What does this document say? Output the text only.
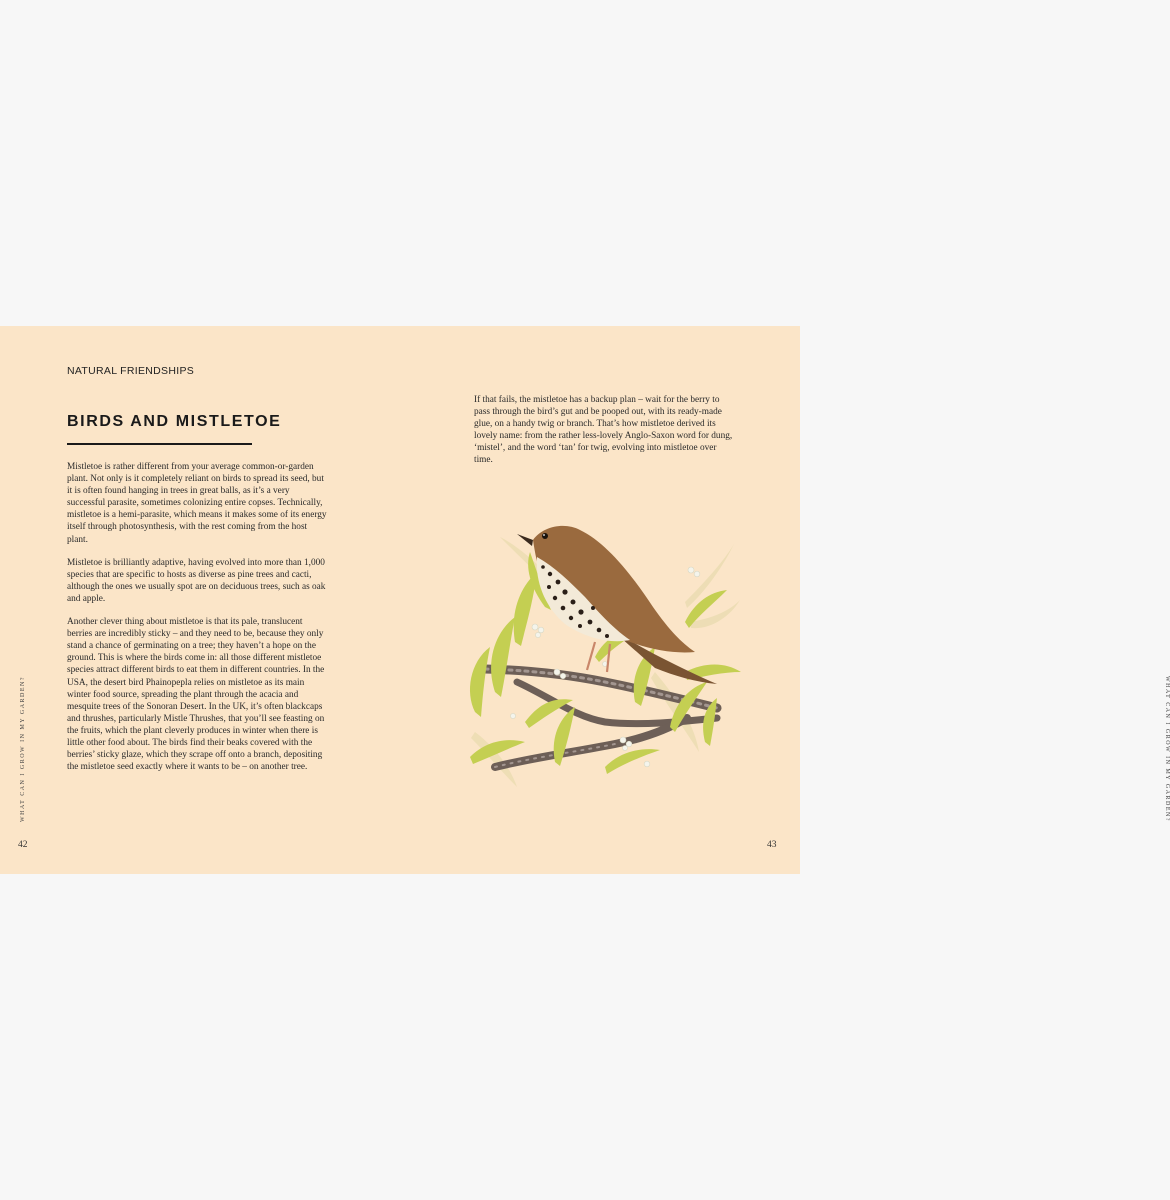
NATURAL FRIENDSHIPS

BIRDS AND MISTLETOE

Mistletoe is rather different from your average common-or-garden plant. Not only is it completely reliant on birds to spread its seed, but it is often found hanging in trees in great balls, as it’s a very successful parasite, sometimes colonizing entire copses. Technically, mistletoe is a hemi-parasite, which means it makes some of its energy itself through photosynthesis, with the rest coming from the host plant.

Mistletoe is brilliantly adaptive, having evolved into more than 1,000 species that are specific to hosts as diverse as pine trees and cacti, although the ones we usually spot are on deciduous trees, such as oak and apple.

Another clever thing about mistletoe is that its pale, translucent berries are incredibly sticky – and they need to be, because they only stand a chance of germinating on a tree; they haven’t a hope on the ground. This is where the birds come in: all those different mistletoe species attract different birds to eat them in different countries. In the USA, the desert bird Phainopepla relies on mistletoe as its main winter food source, spreading the plant through the acacia and mesquite trees of the Sonoran Desert. In the UK, it’s often blackcaps and thrushes, particularly Mistle Thrushes, that you’ll see feasting on the fruits, which the plant cleverly produces in winter when there is little other food about. The birds find their beaks covered with the berries’ sticky glaze, which they scrape off onto a branch, depositing the mistletoe seed exactly where it wants to be – on another tree.

WHAT CAN I GROW IN MY GARDEN?
42

If that fails, the mistletoe has a backup plan – wait for the berry to pass through the bird’s gut and be pooped out, with its ready-made glue, on a handy twig or branch. That’s how mistletoe derived its lovely name: from the rather less-lovely Anglo-Saxon word for dung, ‘mistel’, and the word ‘tan’ for twig, evolving into mistletoe over time.

WHAT CAN I GROW IN MY GARDEN?
43
